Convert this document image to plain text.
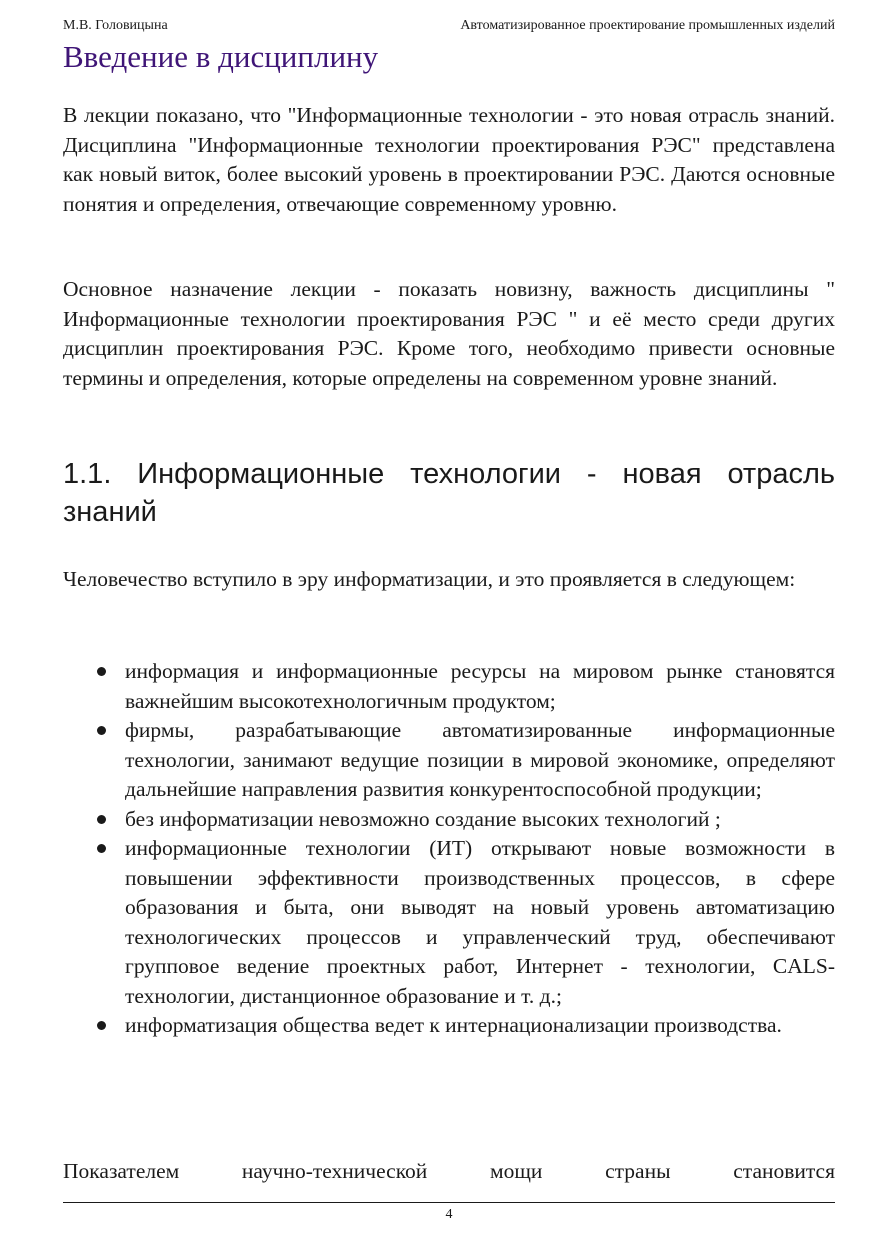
М.В. Головицына	Автоматизированное проектирование промышленных изделий
Введение в дисциплину

В лекции показано, что "Информационные технологии - это новая отрасль знаний. Дисциплина "Информационные технологии проектирования РЭС" представлена как новый виток, более высокий уровень в проектировании РЭС. Даются основные понятия и определения, отвечающие современному уровню.

Основное назначение лекции - показать новизну, важность дисциплины " Информационные технологии проектирования РЭС " и её место среди других дисциплин проектирования РЭС. Кроме того, необходимо привести основные термины и определения, которые определены на современном уровне знаний.

1.1. Информационные технологии - новая отрасль знаний

Человечество вступило в эру информатизации, и это проявляется в следующем:

информация и информационные ресурсы на мировом рынке становятся важнейшим высокотехнологичным продуктом;
фирмы, разрабатывающие автоматизированные информационные технологии, занимают ведущие позиции в мировой экономике, определяют дальнейшие направления развития конкурентоспособной продукции;
без информатизации невозможно создание высоких технологий ;
информационные технологии (ИТ) открывают новые возможности в повышении эффективности производственных процессов, в сфере образования и быта, они выводят на новый уровень автоматизацию технологических процессов и управленческий труд, обеспечивают групповое ведение проектных работ, Интернет - технологии, CALS- технологии, дистанционное образование и т. д.;
информатизация общества ведет к интернационализации производства.

Показателем научно-технической мощи страны становится

4
